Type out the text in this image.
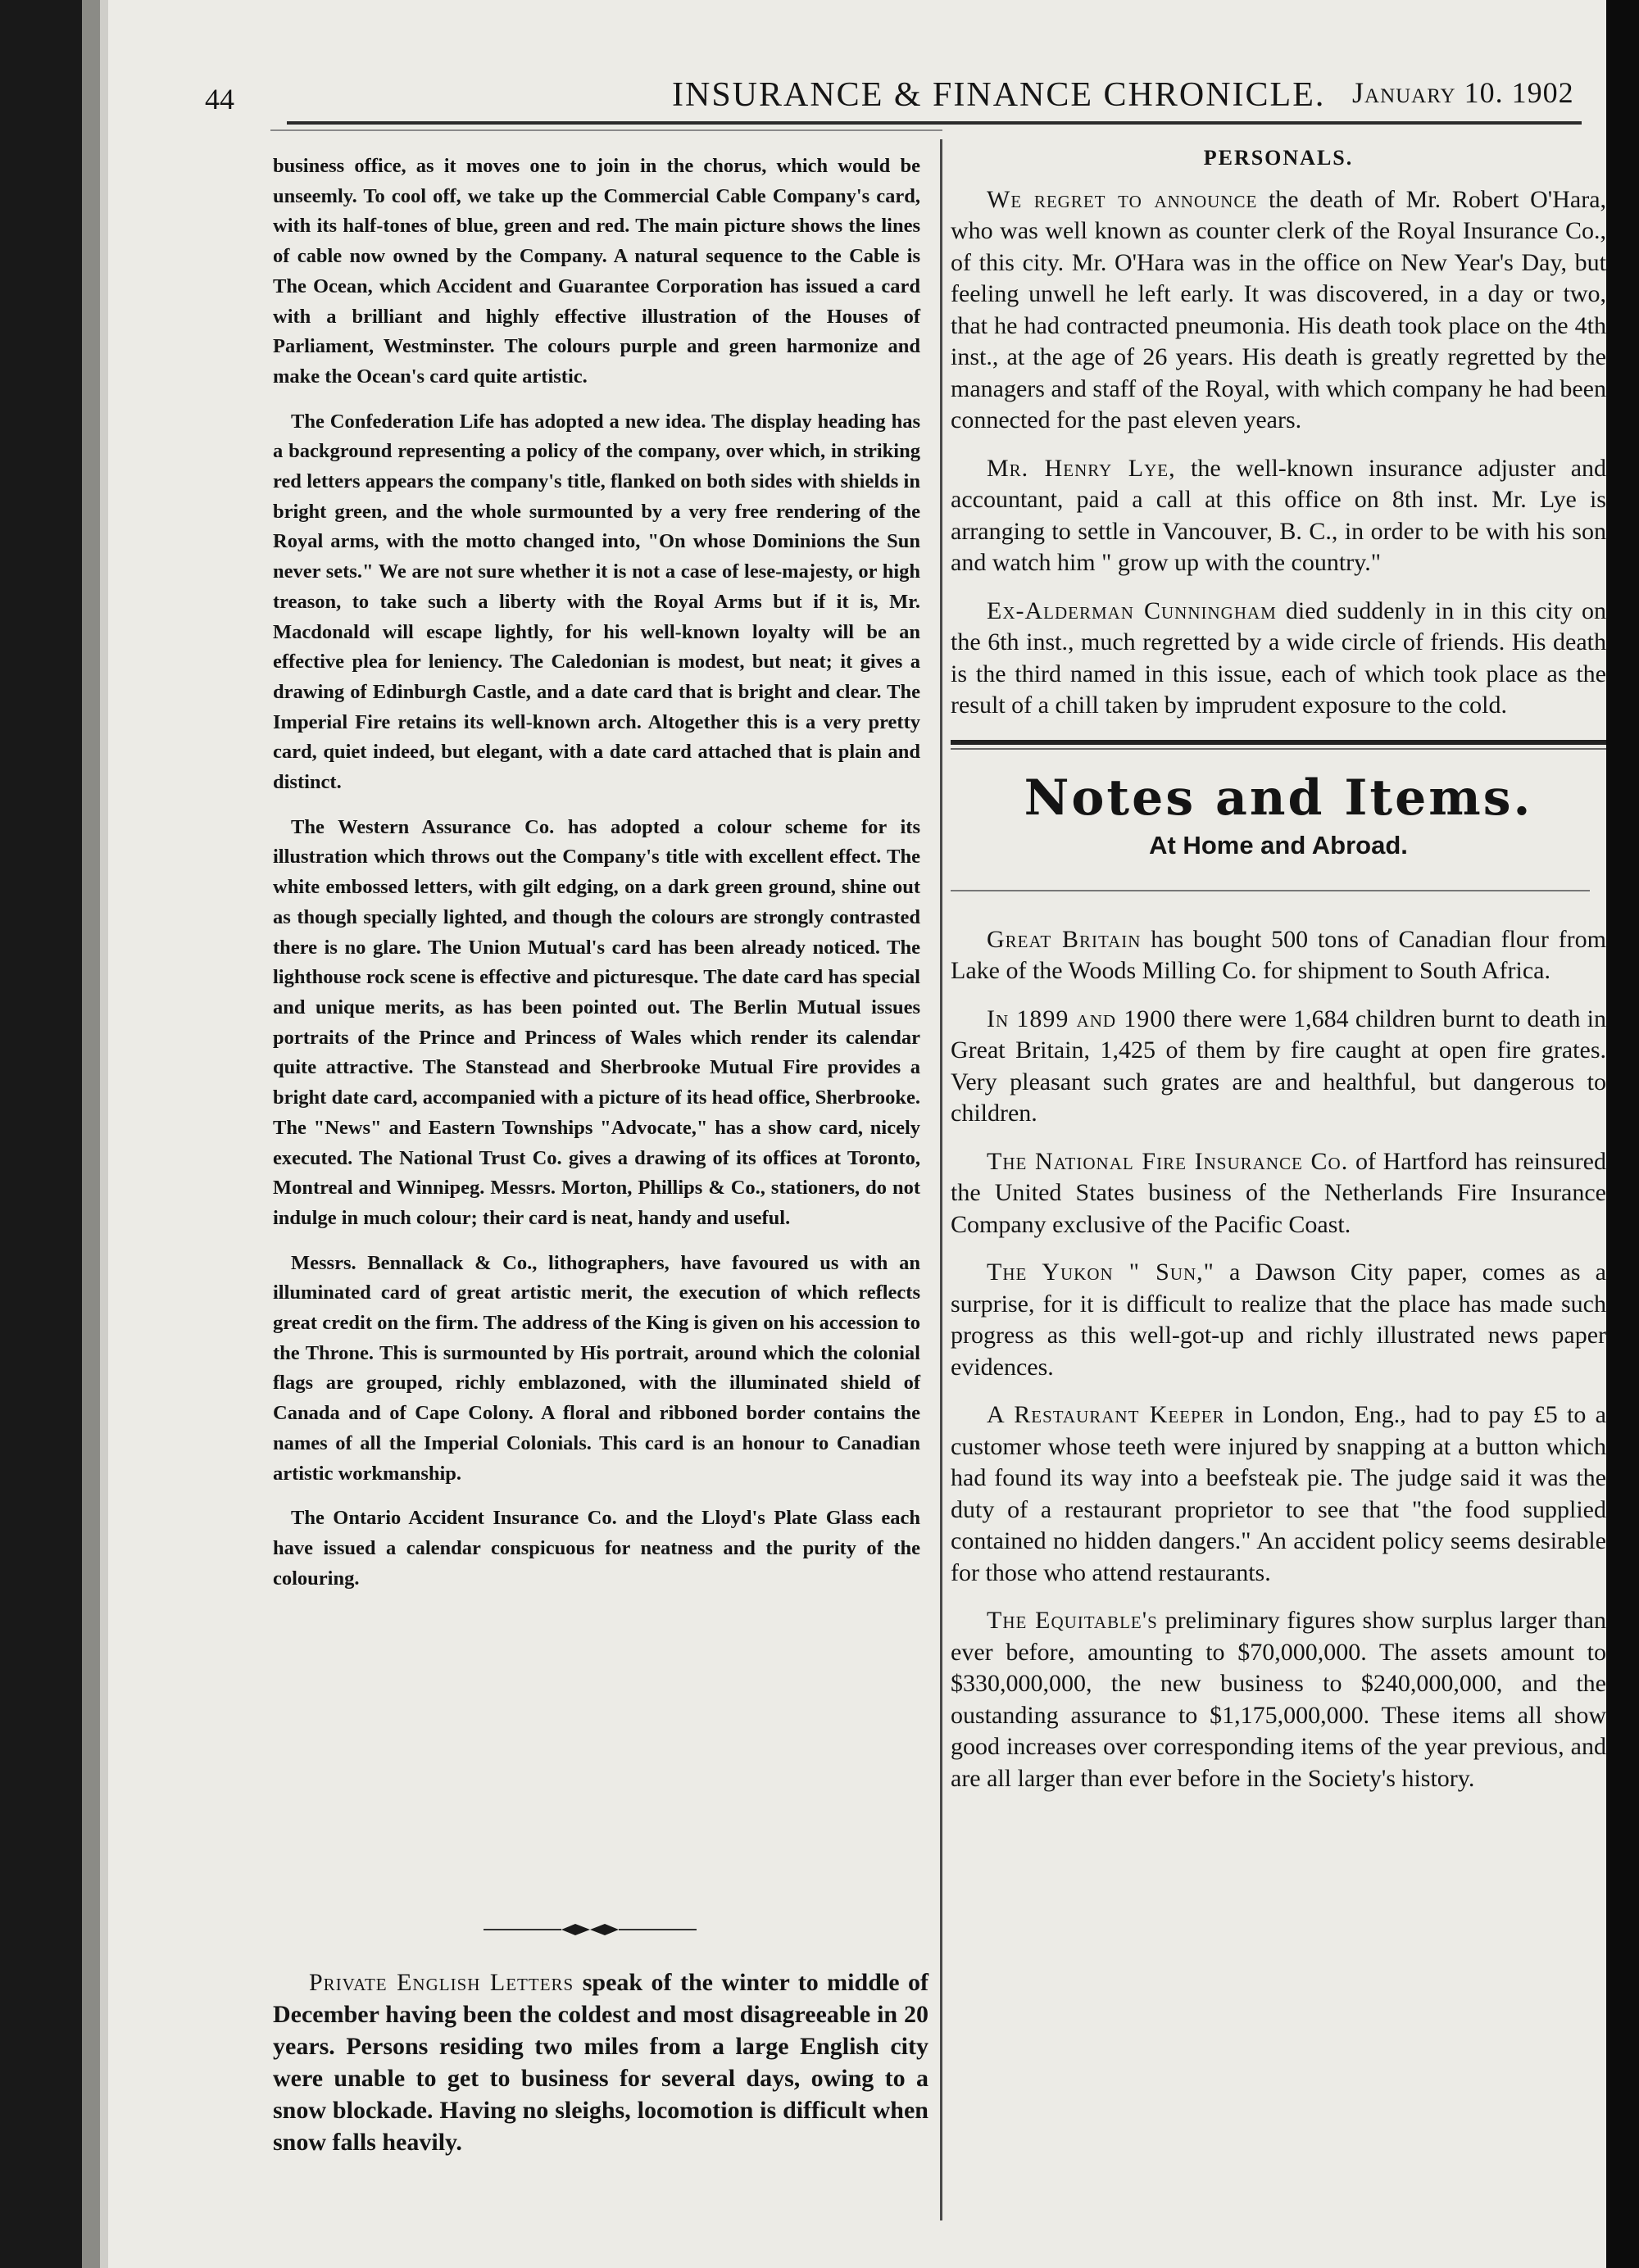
44	INSURANCE & FINANCE CHRONICLE. January 10. 1902

business office, as it moves one to join in the chorus, which would be unseemly. To cool off, we take up the Commercial Cable Company's card, with its half-tones of blue, green and red. The main picture shows the lines of cable now owned by the Company. A natural sequence to the Cable is The Ocean, which Accident and Guarantee Corporation has issued a card with a brilliant and highly effective illustration of the Houses of Parliament, Westminster. The colours purple and green harmonize and make the Ocean's card quite artistic.

The Confederation Life has adopted a new idea. The display heading has a background representing a policy of the company, over which, in striking red letters appears the company's title, flanked on both sides with shields in bright green, and the whole surmounted by a very free rendering of the Royal arms, with the motto changed into, "On whose Dominions the Sun never sets." We are not sure whether it is not a case of lese-majesty, or high treason, to take such a liberty with the Royal Arms but if it is, Mr. Macdonald will escape lightly, for his well-known loyalty will be an effective plea for leniency. The Caledonian is modest, but neat; it gives a drawing of Edinburgh Castle, and a date card that is bright and clear. The Imperial Fire retains its well-known arch. Altogether this is a very pretty card, quiet indeed, but elegant, with a date card attached that is plain and distinct.

The Western Assurance Co. has adopted a colour scheme for its illustration which throws out the Company's title with excellent effect. The white embossed letters, with gilt edging, on a dark green ground, shine out as though specially lighted, and though the colours are strongly contrasted there is no glare. The Union Mutual's card has been already noticed. The lighthouse rock scene is effective and picturesque. The date card has special and unique merits, as has been pointed out. The Berlin Mutual issues portraits of the Prince and Princess of Wales which render its calendar quite attractive. The Stanstead and Sherbrooke Mutual Fire provides a bright date card, accompanied with a picture of its head office, Sherbrooke. The "News" and Eastern Townships "Advocate," has a show card, nicely executed. The National Trust Co. gives a drawing of its offices at Toronto, Montreal and Winnipeg. Messrs. Morton, Phillips & Co., stationers, do not indulge in much colour; their card is neat, handy and useful.

Messrs. Bennallack & Co., lithographers, have favoured us with an illuminated card of great artistic merit, the execution of which reflects great credit on the firm. The address of the King is given on his accession to the Throne. This is surmounted by His portrait, around which the colonial flags are grouped, richly emblazoned, with the illuminated shield of Canada and of Cape Colony. A floral and ribboned border contains the names of all the Imperial Colonials. This card is an honour to Canadian artistic workmanship.

The Ontario Accident Insurance Co. and the Lloyd's Plate Glass each have issued a calendar conspicuous for neatness and the purity of the colouring.

Private English Letters speak of the winter to middle of December having been the coldest and most disagreeable in 20 years. Persons residing two miles from a large English city were unable to get to business for several days, owing to a snow blockade. Having no sleighs, locomotion is difficult when snow falls heavily.

PERSONALS.

We regret to announce the death of Mr. Robert O'Hara, who was well known as counter clerk of the Royal Insurance Co., of this city. Mr. O'Hara was in the office on New Year's Day, but feeling unwell he left early. It was discovered, in a day or two, that he had contracted pneumonia. His death took place on the 4th inst., at the age of 26 years. His death is greatly regretted by the managers and staff of the Royal, with which company he had been connected for the past eleven years.

Mr. Henry Lye, the well-known insurance adjuster and accountant, paid a call at this office on 8th inst. Mr. Lye is arranging to settle in Vancouver, B. C., in order to be with his son and watch him " grow up with the country."

Ex-Alderman Cunningham died suddenly in in this city on the 6th inst., much regretted by a wide circle of friends. His death is the third named in this issue, each of which took place as the result of a chill taken by imprudent exposure to the cold.

Notes and Items.
At Home and Abroad.

Great Britain has bought 500 tons of Canadian flour from Lake of the Woods Milling Co. for shipment to South Africa.

In 1899 and 1900 there were 1,684 children burnt to death in Great Britain, 1,425 of them by fire caught at open fire grates. Very pleasant such grates are and healthful, but dangerous to children.

The National Fire Insurance Co. of Hartford has reinsured the United States business of the Netherlands Fire Insurance Company exclusive of the Pacific Coast.

The Yukon " Sun," a Dawson City paper, comes as a surprise, for it is difficult to realize that the place has made such progress as this well-got-up and richly illustrated news paper evidences.

A Restaurant Keeper in London, Eng., had to pay £5 to a customer whose teeth were injured by snapping at a button which had found its way into a beefsteak pie. The judge said it was the duty of a restaurant proprietor to see that "the food supplied contained no hidden dangers." An accident policy seems desirable for those who attend restaurants.

The Equitable's preliminary figures show surplus larger than ever before, amounting to $70,000,000. The assets amount to $330,000,000, the new business to $240,000,000, and the oustanding assurance to $1,175,000,000. These items all show good increases over corresponding items of the year previous, and are all larger than ever before in the Society's history.
